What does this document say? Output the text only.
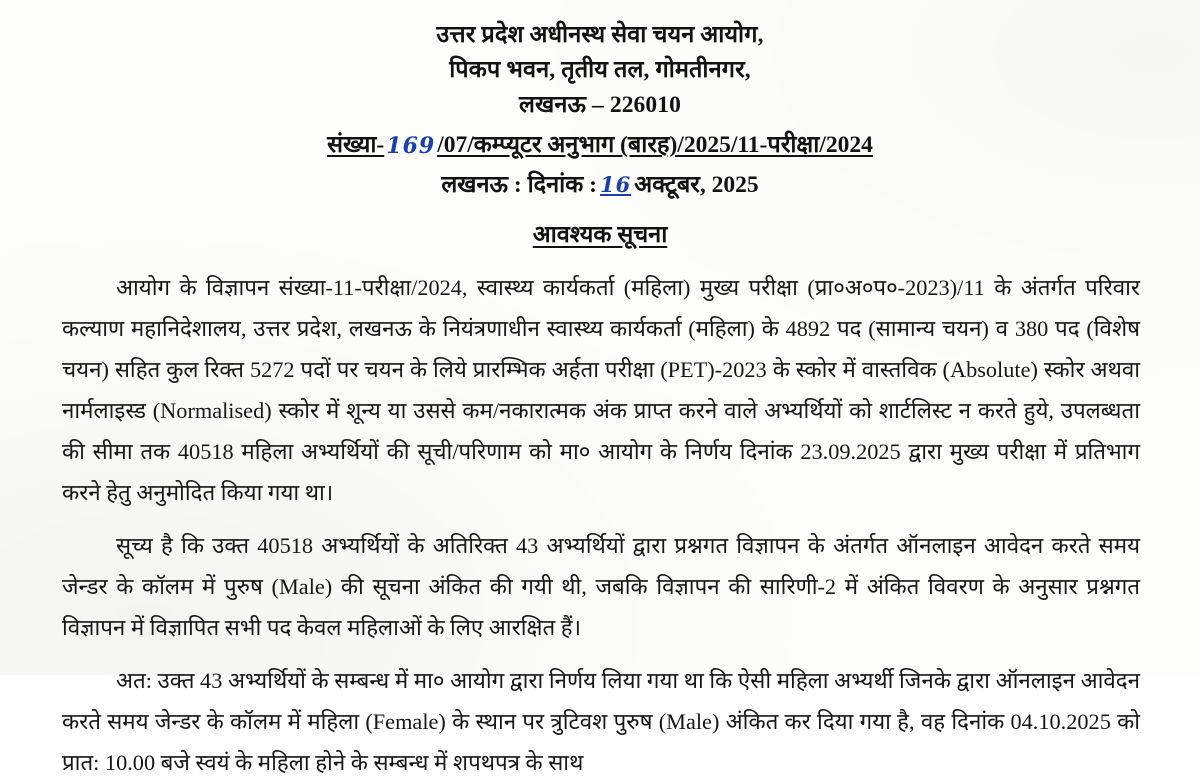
उत्तर प्रदेश अधीनस्थ सेवा चयन आयोग,
पिकप भवन, तृतीय तल, गोमतीनगर,
लखनऊ – 226010
संख्या-169/07/कम्प्यूटर अनुभाग (बारह)/2025/11-परीक्षा/2024
लखनऊ : दिनांक : 16 अक्टूबर, 2025
आवश्यक सूचना

आयोग के विज्ञापन संख्या-11-परीक्षा/2024, स्वास्थ्य कार्यकर्ता (महिला) मुख्य परीक्षा (प्रा०अ०प०-2023)/11 के अंतर्गत परिवार कल्याण महानिदेशालय, उत्तर प्रदेश, लखनऊ के नियंत्रणाधीन स्वास्थ्य कार्यकर्ता (महिला) के 4892 पद (सामान्य चयन) व 380 पद (विशेष चयन) सहित कुल रिक्त 5272 पदों पर चयन के लिये प्रारम्भिक अर्हता परीक्षा (PET)-2023 के स्कोर में वास्तविक (Absolute) स्कोर अथवा नार्मलाइस्ड (Normalised) स्कोर में शून्य या उससे कम/नकारात्मक अंक प्राप्त करने वाले अभ्यर्थियों को शार्टलिस्ट न करते हुये, उपलब्धता की सीमा तक 40518 महिला अभ्यर्थियों की सूची/परिणाम को मा० आयोग के निर्णय दिनांक 23.09.2025 द्वारा मुख्य परीक्षा में प्रतिभाग करने हेतु अनुमोदित किया गया था।

सूच्य है कि उक्त 40518 अभ्यर्थियों के अतिरिक्त 43 अभ्यर्थियों द्वारा प्रश्नगत विज्ञापन के अंतर्गत ऑनलाइन आवेदन करते समय जेन्डर के कॉलम में पुरुष (Male) की सूचना अंकित की गयी थी, जबकि विज्ञापन की सारिणी-2 में अंकित विवरण के अनुसार प्रश्नगत विज्ञापन में विज्ञापित सभी पद केवल महिलाओं के लिए आरक्षित हैं।

अत: उक्त 43 अभ्यर्थियों के सम्बन्ध में मा० आयोग द्वारा निर्णय लिया गया था कि ऐसी महिला अभ्यर्थी जिनके द्वारा ऑनलाइन आवेदन करते समय जेन्डर के कॉलम में महिला (Female) के स्थान पर त्रुटिवश पुरुष (Male) अंकित कर दिया गया है, वह दिनांक 04.10.2025 को प्रात: 10.00 बजे स्वयं के महिला होने के सम्बन्ध में शपथपत्र के साथ
